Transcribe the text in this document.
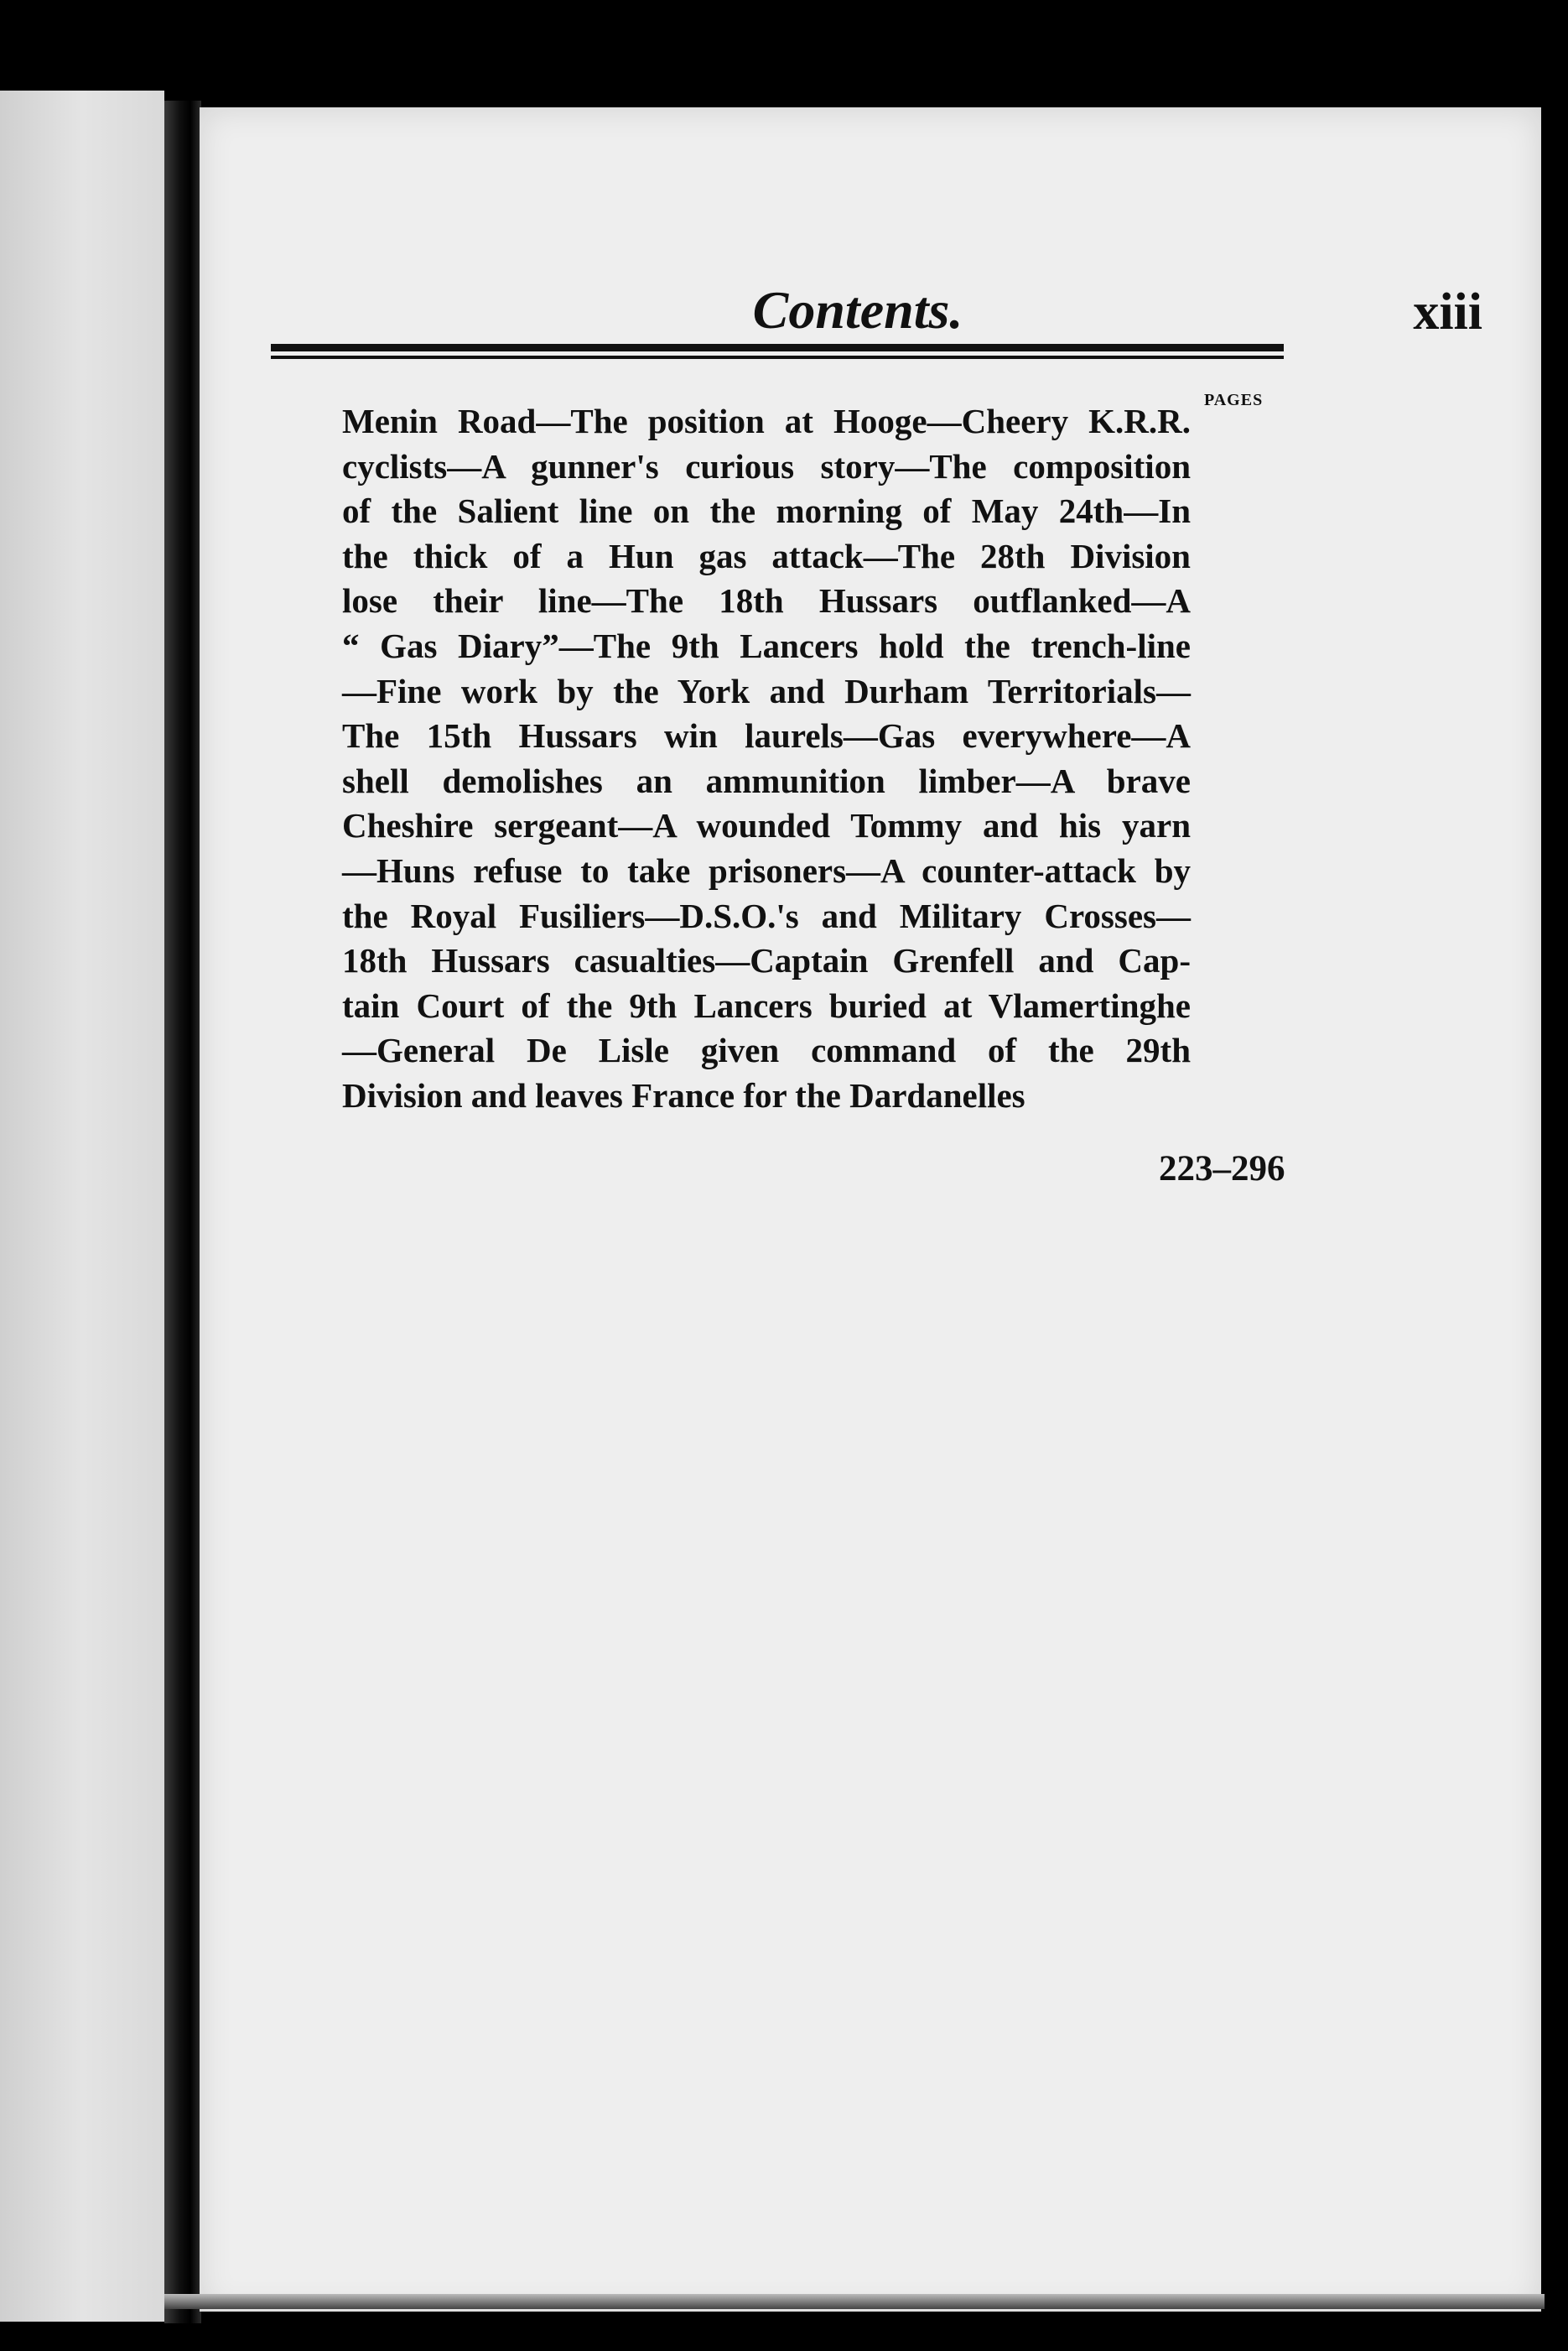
Contents.	xiii
PAGES
Menin Road—The position at Hooge—Cheery K.R.R.
cyclists—A gunner's curious story—The composition
of the Salient line on the morning of May 24th—In
the thick of a Hun gas attack—The 28th Division
lose their line—The 18th Hussars outflanked—A
“ Gas Diary”—The 9th Lancers hold the trench-line
—Fine work by the York and Durham Territorials—
The 15th Hussars win laurels—Gas everywhere—A
shell demolishes an ammunition limber—A brave
Cheshire sergeant—A wounded Tommy and his yarn
—Huns refuse to take prisoners—A counter-attack by
the Royal Fusiliers—D.S.O.'s and Military Crosses—
18th Hussars casualties—Captain Grenfell and Cap-
tain Court of the 9th Lancers buried at Vlamertinghe
—General De Lisle given command of the 29th
Division and leaves France for the Dardanelles
223–296
